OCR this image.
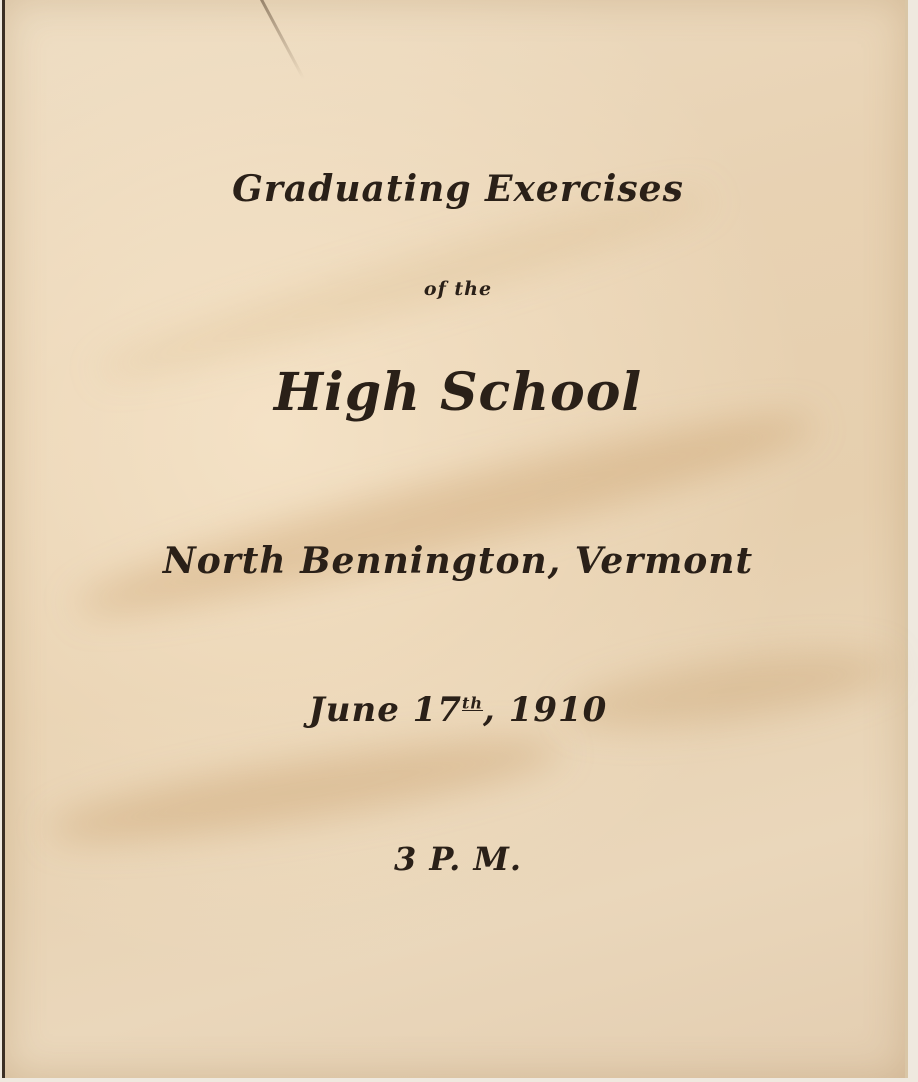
Graduating Exercises
of the
High School
North Bennington, Vermont
June 17th, 1910
3 P. M.
